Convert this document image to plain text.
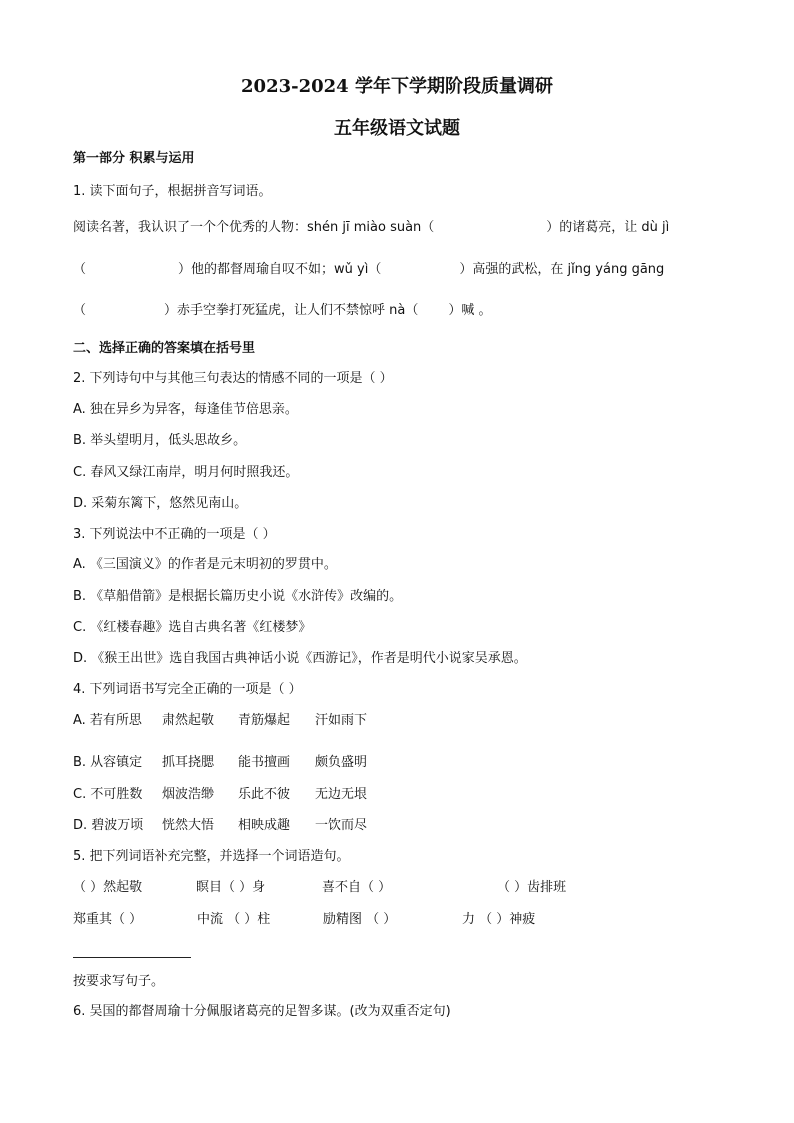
2023-2024 学年下学期阶段质量调研
五年级语文试题
第一部分 积累与运用
1. 读下面句子，根据拼音写词语。
阅读名著，我认识了一个个优秀的人物：shén jī miào suàn（	）的诸葛亮，让 dù jì
（	）他的都督周瑜自叹不如；wǔ yì（	）高强的武松，在 jǐng yáng gāng
（	）赤手空拳打死猛虎，让人们不禁惊呼 nà（ ）喊 。
二、选择正确的答案填在括号里
2. 下列诗句中与其他三句表达的情感不同的一项是（ ）
A. 独在异乡为异客，每逢佳节倍思亲。
B. 举头望明月，低头思故乡。
C. 春风又绿江南岸，明月何时照我还。
D. 采菊东篱下，悠然见南山。
3. 下列说法中不正确的一项是（ ）
A. 《三国演义》的作者是元末明初的罗贯中。
B. 《草船借箭》是根据长篇历史小说《水浒传》改编的。
C. 《红楼春趣》选自古典名著《红楼梦》
D. 《猴王出世》选自我国古典神话小说《西游记》，作者是明代小说家吴承恩。
4. 下列词语书写完全正确的一项是（ ）
A. 若有所思 肃然起敬 青筋爆起 汗如雨下
B. 从容镇定 抓耳挠腮 能书擅画 颇负盛明
C. 不可胜数 烟波浩缈 乐此不彼 无边无垠
D. 碧波万顷 恍然大悟 相映成趣 一饮而尽
5. 把下列词语补充完整，并选择一个词语造句。
（ ）然起敬	瞑目（ ）身	喜不自（ ）	（ ）齿排班
郑重其（ ）	中流 （ ）柱	励精图 （ ）	力 （ ）神疲
按要求写句子。
6. 吴国的都督周瑜十分佩服诸葛亮的足智多谋。(改为双重否定句)
